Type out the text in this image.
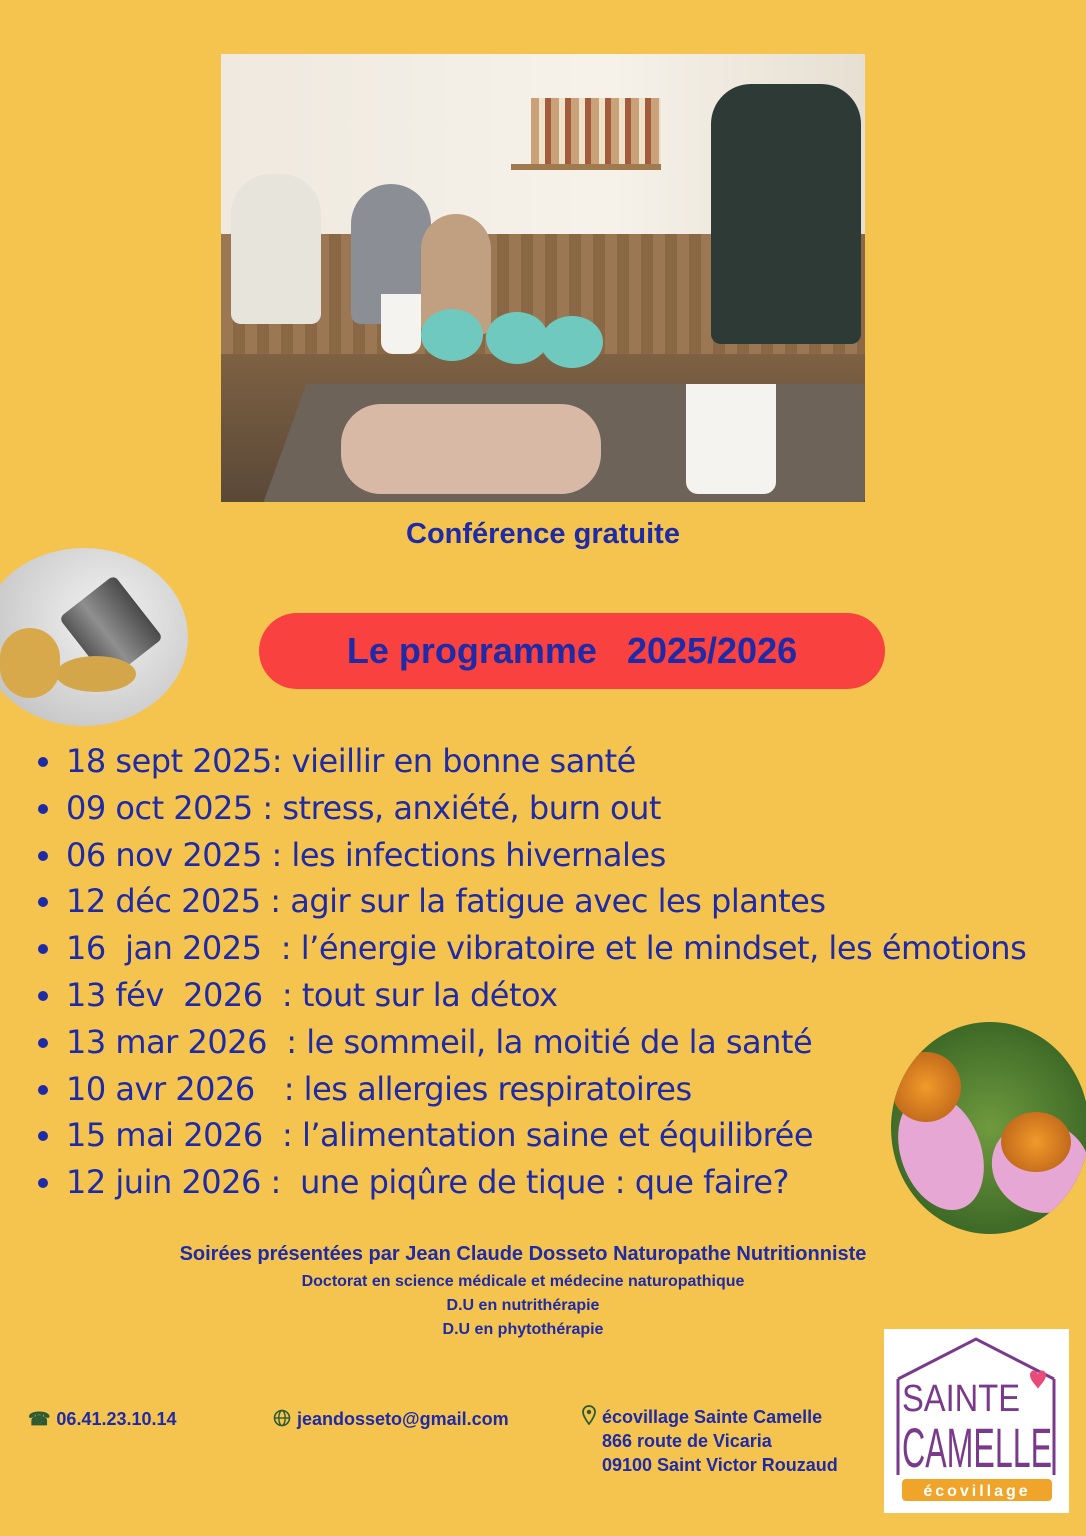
Conférence gratuite
Le programme   2025/2026
18 sept 2025: vieillir en bonne santé
09 oct 2025 : stress, anxiété, burn out
06 nov 2025 : les infections hivernales
12 déc 2025 : agir sur la fatigue avec les plantes
16  jan 2025  : l’énergie vibratoire et le mindset, les émotions
13 fév  2026  : tout sur la détox
13 mar 2026  : le sommeil, la moitié de la santé
10 avr 2026   : les allergies respiratoires
15 mai 2026  : l’alimentation saine et équilibrée
12 juin 2026 :  une piqûre de tique : que faire?
Soirées présentées par Jean Claude Dosseto Naturopathe Nutritionniste
Doctorat en science médicale et médecine naturopathique
D.U en nutrithérapie
D.U en phytothérapie
☎ 06.41.23.10.14	jeandosseto@gmail.com	écovillage Sainte Camelle
866 route de Vicaria
09100 Saint Victor Rouzaud
SAINTE
CAMELLE
écovillage
